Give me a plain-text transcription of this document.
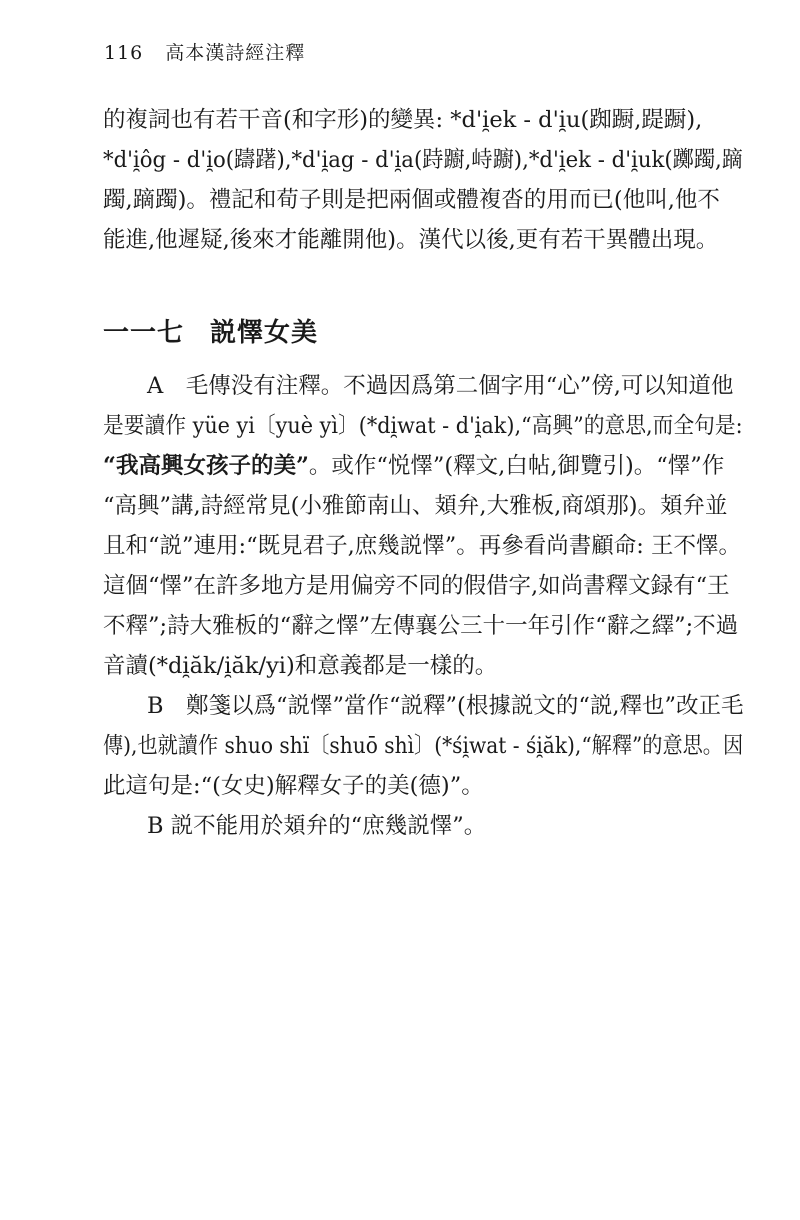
116 高本漢詩經注釋
的複詞也有若干音(和字形)的變異: *d'i̯ek - d'i̯u(踟蹰,踶蹰),
*d'i̯ôg - d'i̯o(躊躇),*d'i̯ag - d'i̯a(跱躕,峙躕),*d'i̯ek - d'i̯uk(躑躅,蹢
躅,蹢躅)。禮記和荀子則是把兩個或體複沓的用而已(他叫,他不
能進,他遲疑,後來才能離開他)。漢代以後,更有若干異體出現。
一一七 説懌女美
A　毛傳没有注釋。不過因爲第二個字用“心”傍,可以知道他
是要讀作 yüe yi〔yuè yì〕(*di̯wat - d'i̯ak),“高興”的意思,而全句是:
“我高興女孩子的美”。或作“悦懌”(釋文,白帖,御覽引)。“懌”作
“高興”講,詩經常見(小雅節南山、頍弁,大雅板,商頌那)。頍弁並
且和“説”連用:“既見君子,庶幾説懌”。再參看尚書顧命: 王不懌。
這個“懌”在許多地方是用偏旁不同的假借字,如尚書釋文録有“王
不釋”;詩大雅板的“辭之懌”左傳襄公三十一年引作“辭之繹”;不過
音讀(*di̯ăk/i̯ăk/yi)和意義都是一樣的。
B　鄭箋以爲“説懌”當作“説釋”(根據説文的“説,釋也”改正毛
傳),也就讀作 shuo shï〔shuō shì〕(*śi̯wat - śi̯ăk),“解釋”的意思。因
此這句是:“(女史)解釋女子的美(德)”。
B 説不能用於頍弁的“庶幾説懌”。
